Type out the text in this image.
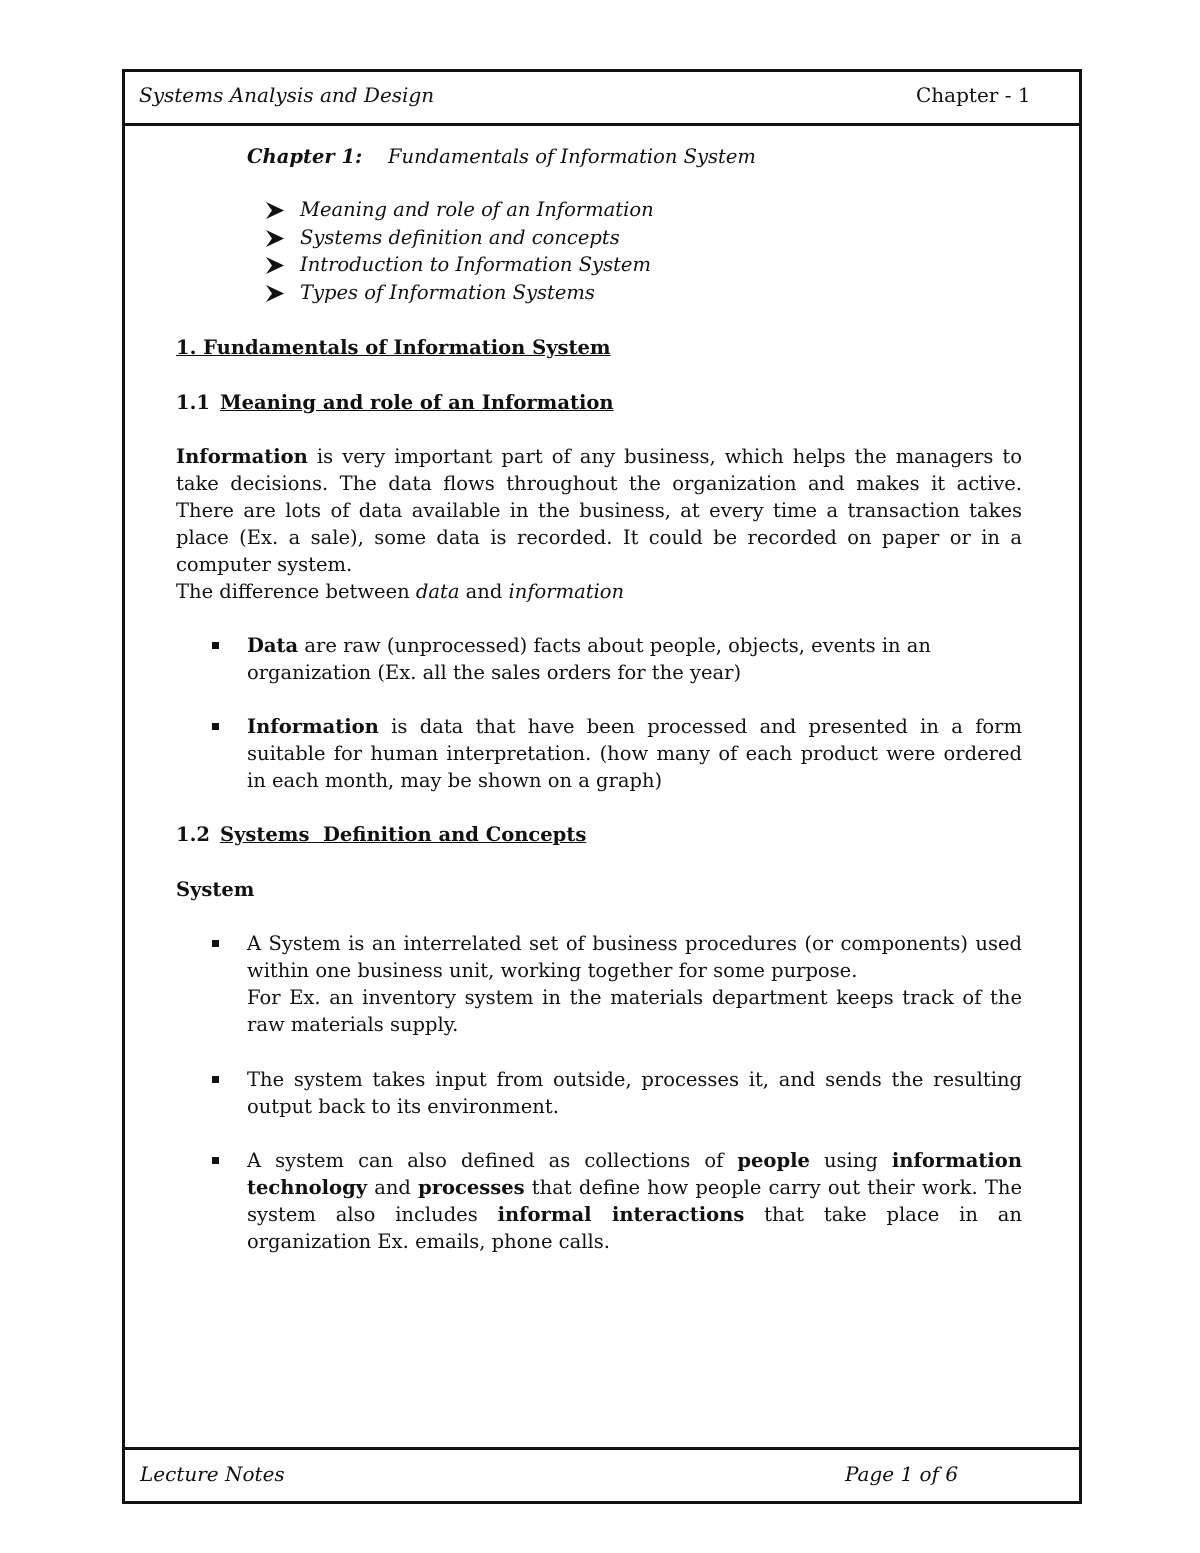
Systems Analysis and Design	Chapter - 1
Lecture Notes	Page 1 of 6
Chapter 1: Fundamentals of Information System
Meaning and role of an Information
Systems definition and concepts
Introduction to Information System
Types of Information Systems
1. Fundamentals of Information System
1.1 Meaning and role of an Information

Information is very important part of any business, which helps the managers to take decisions. The data flows throughout the organization and makes it active. There are lots of data available in the business, at every time a transaction takes place (Ex. a sale), some data is recorded. It could be recorded on paper or in a computer system.

The difference between data and information

Data are raw (unprocessed) facts about people, objects, events in an organization (Ex. all the sales orders for the year)

Information is data that have been processed and presented in a form suitable for human interpretation. (how many of each product were ordered in each month, may be shown on a graph)

1.2 Systems  Definition and Concepts
System

A System is an interrelated set of business procedures (or components) used within one business unit, working together for some purpose.

For Ex. an inventory system in the materials department keeps track of the raw materials supply.

The system takes input from outside, processes it, and sends the resulting output back to its environment.

A system can also defined as collections of people using information technology and processes that define how people carry out their work. The system also includes informal interactions that take place in an organization Ex. emails, phone calls.
